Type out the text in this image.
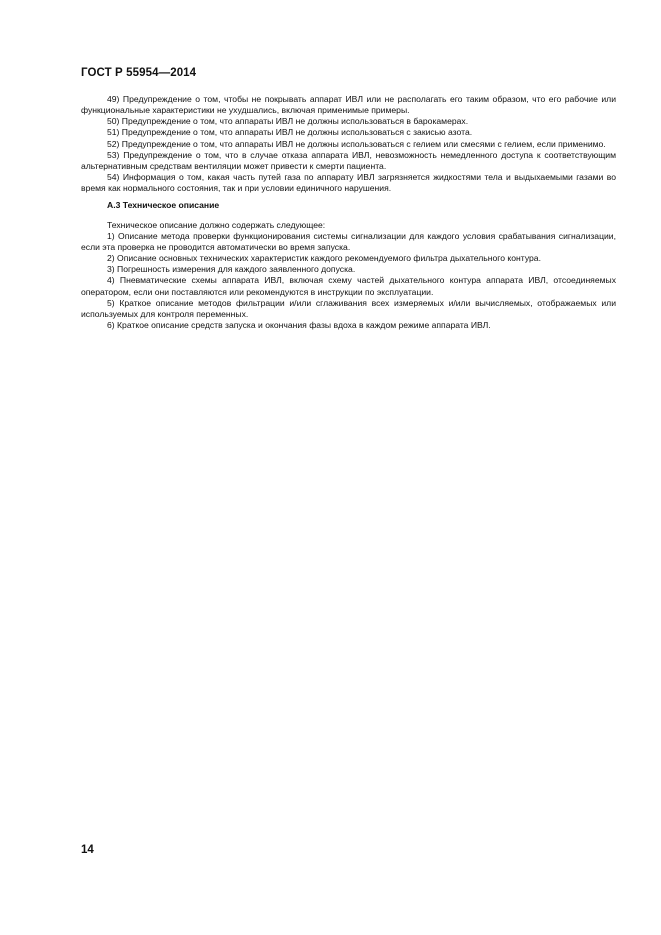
ГОСТ Р 55954—2014

49) Предупреждение о том, чтобы не покрывать аппарат ИВЛ или не располагать его таким образом, что его рабочие или функциональные характеристики не ухудшались, включая применимые примеры.

50) Предупреждение о том, что аппараты ИВЛ не должны использоваться в барокамерах.

51) Предупреждение о том, что аппараты ИВЛ не должны использоваться с закисью азота.

52) Предупреждение о том, что аппараты ИВЛ не должны использоваться с гелием или смесями с гелием, если применимо.

53) Предупреждение о том, что в случае отказа аппарата ИВЛ, невозможность немедленного доступа к соответствующим альтернативным средствам вентиляции может привести к смерти пациента.

54) Информация о том, какая часть путей газа по аппарату ИВЛ загрязняется жидкостями тела и выдыхаемыми газами во время как нормального состояния, так и при условии единичного нарушения.

А.3 Техническое описание

Техническое описание должно содержать следующее:

1) Описание метода проверки функционирования системы сигнализации для каждого условия срабатывания сигнализации, если эта проверка не проводится автоматически во время запуска.

2) Описание основных технических характеристик каждого рекомендуемого фильтра дыхательного контура.

3) Погрешность измерения для каждого заявленного допуска.

4) Пневматические схемы аппарата ИВЛ, включая схему частей дыхательного контура аппарата ИВЛ, отсоединяемых оператором, если они поставляются или рекомендуются в инструкции по эксплуатации.

5) Краткое описание методов фильтрации и/или сглаживания всех измеряемых и/или вычисляемых, отображаемых или используемых для контроля переменных.

6) Краткое описание средств запуска и окончания фазы вдоха в каждом режиме аппарата ИВЛ.

14
